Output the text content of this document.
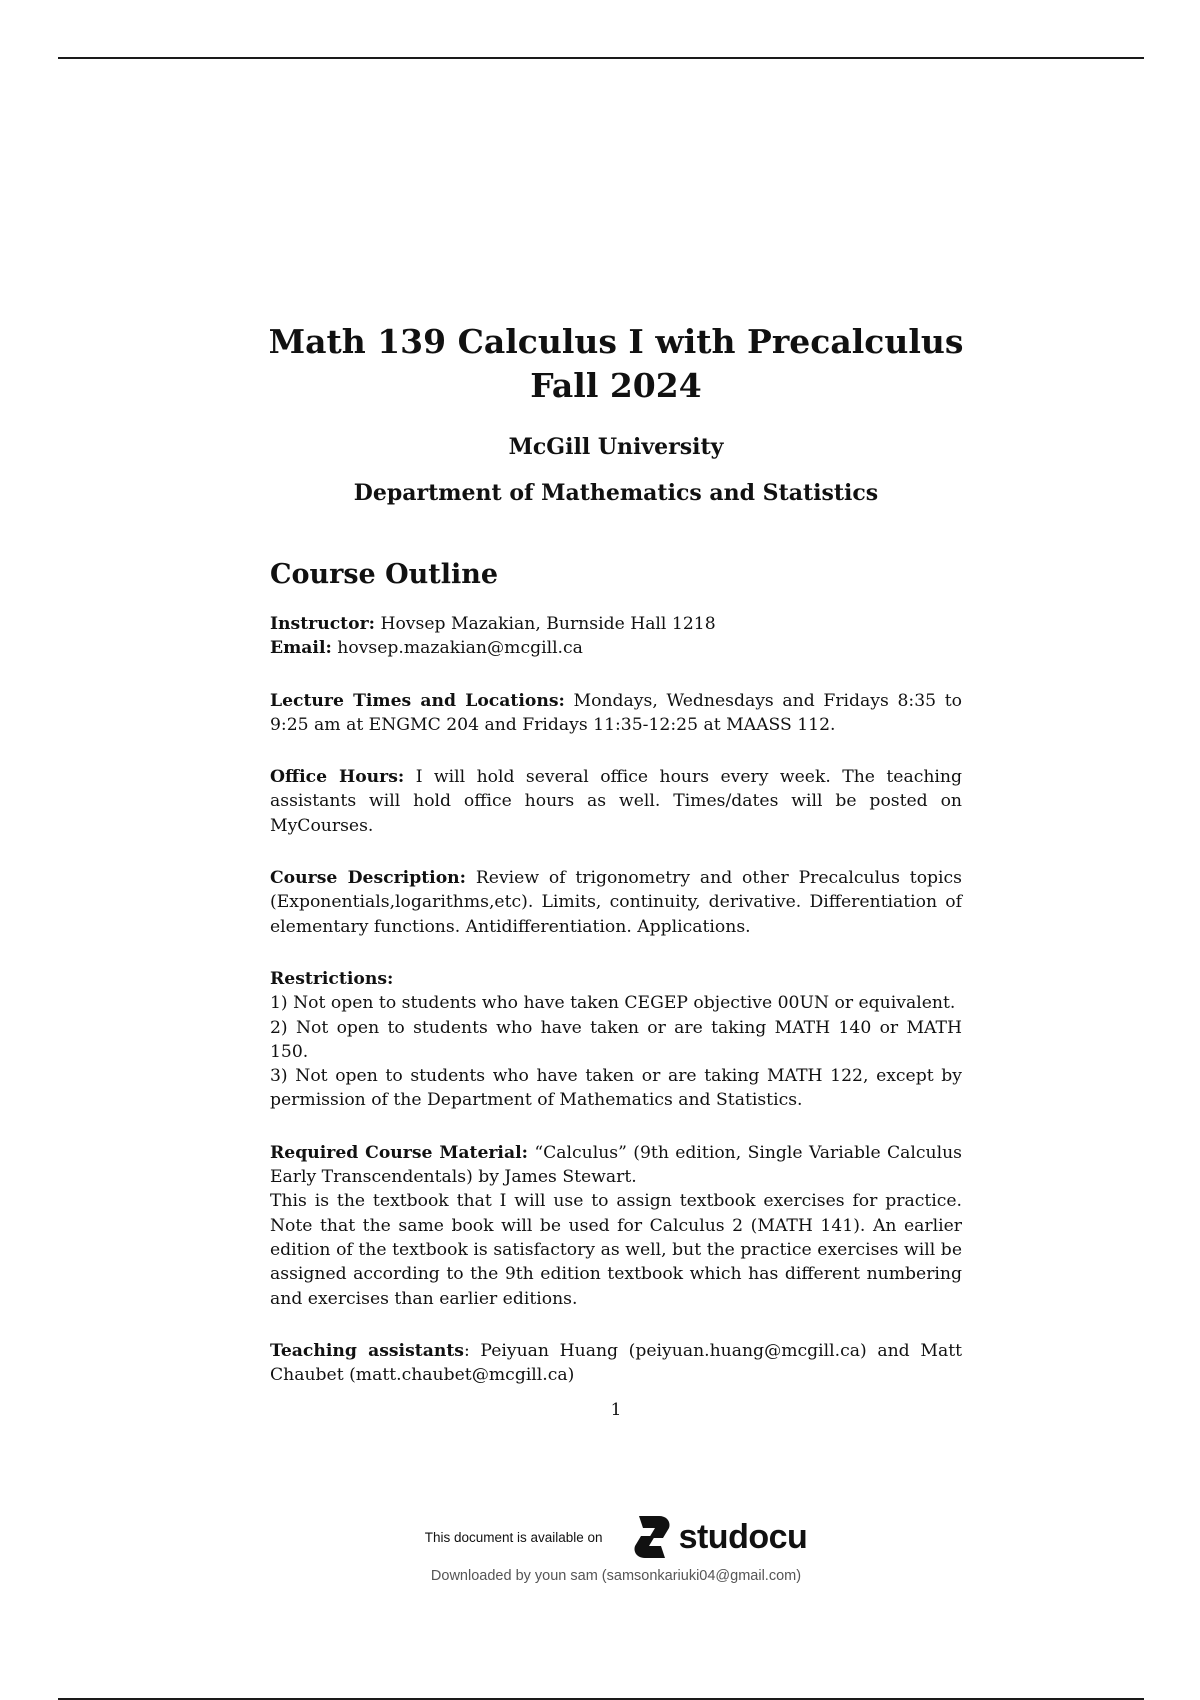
Math 139 Calculus I with Precalculus

Fall 2024

McGill University

Department of Mathematics and Statistics

Course Outline

Instructor: Hovsep Mazakian, Burnside Hall 1218
Email: hovsep.mazakian@mcgill.ca

Lecture Times and Locations: Mondays, Wednesdays and Fridays 8:35 to 9:25 am at ENGMC 204 and Fridays 11:35-12:25 at MAASS 112.

Office Hours: I will hold several office hours every week. The teaching assistants will hold office hours as well. Times/dates will be posted on MyCourses.

Course Description: Review of trigonometry and other Precalculus topics (Exponentials,logarithms,etc). Limits, continuity, derivative. Differentiation of elementary functions. Antidifferentiation. Applications.

Restrictions:
1) Not open to students who have taken CEGEP objective 00UN or equivalent.
2) Not open to students who have taken or are taking MATH 140 or MATH 150.
3) Not open to students who have taken or are taking MATH 122, except by permission of the Department of Mathematics and Statistics.

Required Course Material: “Calculus” (9th edition, Single Variable Calculus Early Transcendentals) by James Stewart.
This is the textbook that I will use to assign textbook exercises for practice. Note that the same book will be used for Calculus 2 (MATH 141). An earlier edition of the textbook is satisfactory as well, but the practice exercises will be assigned according to the 9th edition textbook which has different numbering and exercises than earlier editions.

Teaching assistants: Peiyuan Huang (peiyuan.huang@mcgill.ca) and Matt Chaubet (matt.chaubet@mcgill.ca)

1
This document is available on studocu
Downloaded by youn sam (samsonkariuki04@gmail.com)
